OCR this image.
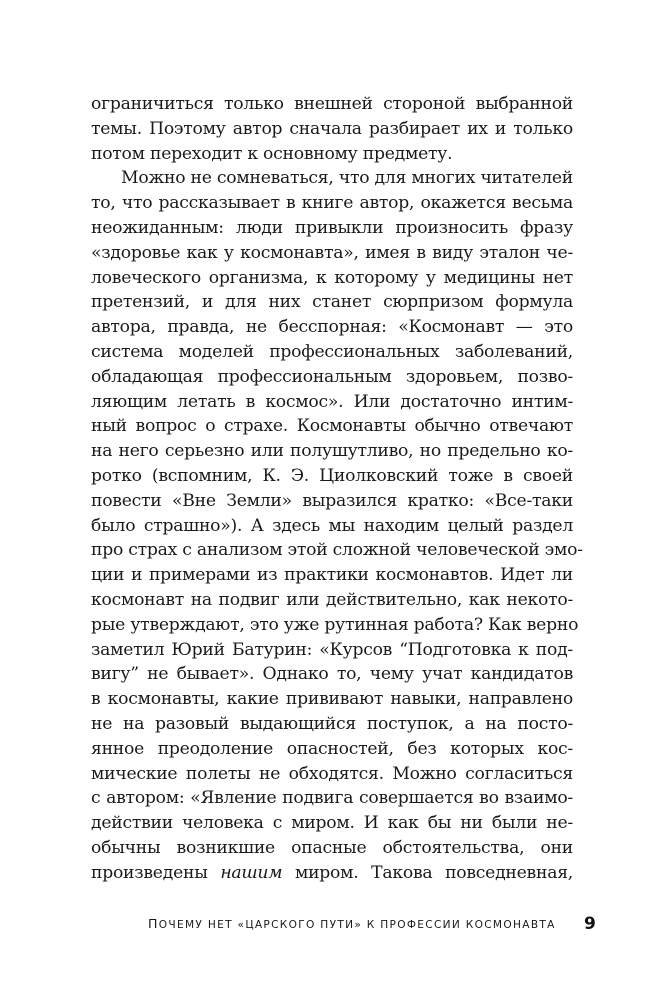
ограничиться только внешней стороной выбранной
темы. Поэтому автор сначала разбирает их и только
потом переходит к основному предмету.
Можно не сомневаться, что для многих читателей
то, что рассказывает в книге автор, окажется весьма
неожиданным: люди привыкли произносить фразу
«здоровье как у космонавта», имея в виду эталон че-
ловеческого организма, к которому у медицины нет
претензий, и для них станет сюрпризом формула
автора, правда, не бесспорная: «Космонавт — это
система моделей профессиональных заболеваний,
обладающая профессиональным здоровьем, позво-
ляющим летать в космос». Или достаточно интим-
ный вопрос о страхе. Космонавты обычно отвечают
на него серьезно или полушутливо, но предельно ко-
ротко (вспомним, К. Э. Циолковский тоже в своей
повести «Вне Земли» выразился кратко: «Все-таки
было страшно»). А здесь мы находим целый раздел
про страх с анализом этой сложной человеческой эмо-
ции и примерами из практики космонавтов. Идет ли
космонавт на подвиг или действительно, как некото-
рые утверждают, это уже рутинная работа? Как верно
заметил Юрий Батурин: «Курсов “Подготовка к под-
вигу” не бывает». Однако то, чему учат кандидатов
в космонавты, какие прививают навыки, направлено
не на разовый выдающийся поступок, а на посто-
янное преодоление опасностей, без которых кос-
мические полеты не обходятся. Можно согласиться
с автором: «Явление подвига совершается во взаимо-
действии человека с миром. И как бы ни были не-
обычны возникшие опасные обстоятельства, они
произведены нашим миром. Такова повседневная,
ПОЧЕМУ НЕТ «ЦАРСКОГО ПУТИ» К ПРОФЕССИИ КОСМОНАВТА 9
